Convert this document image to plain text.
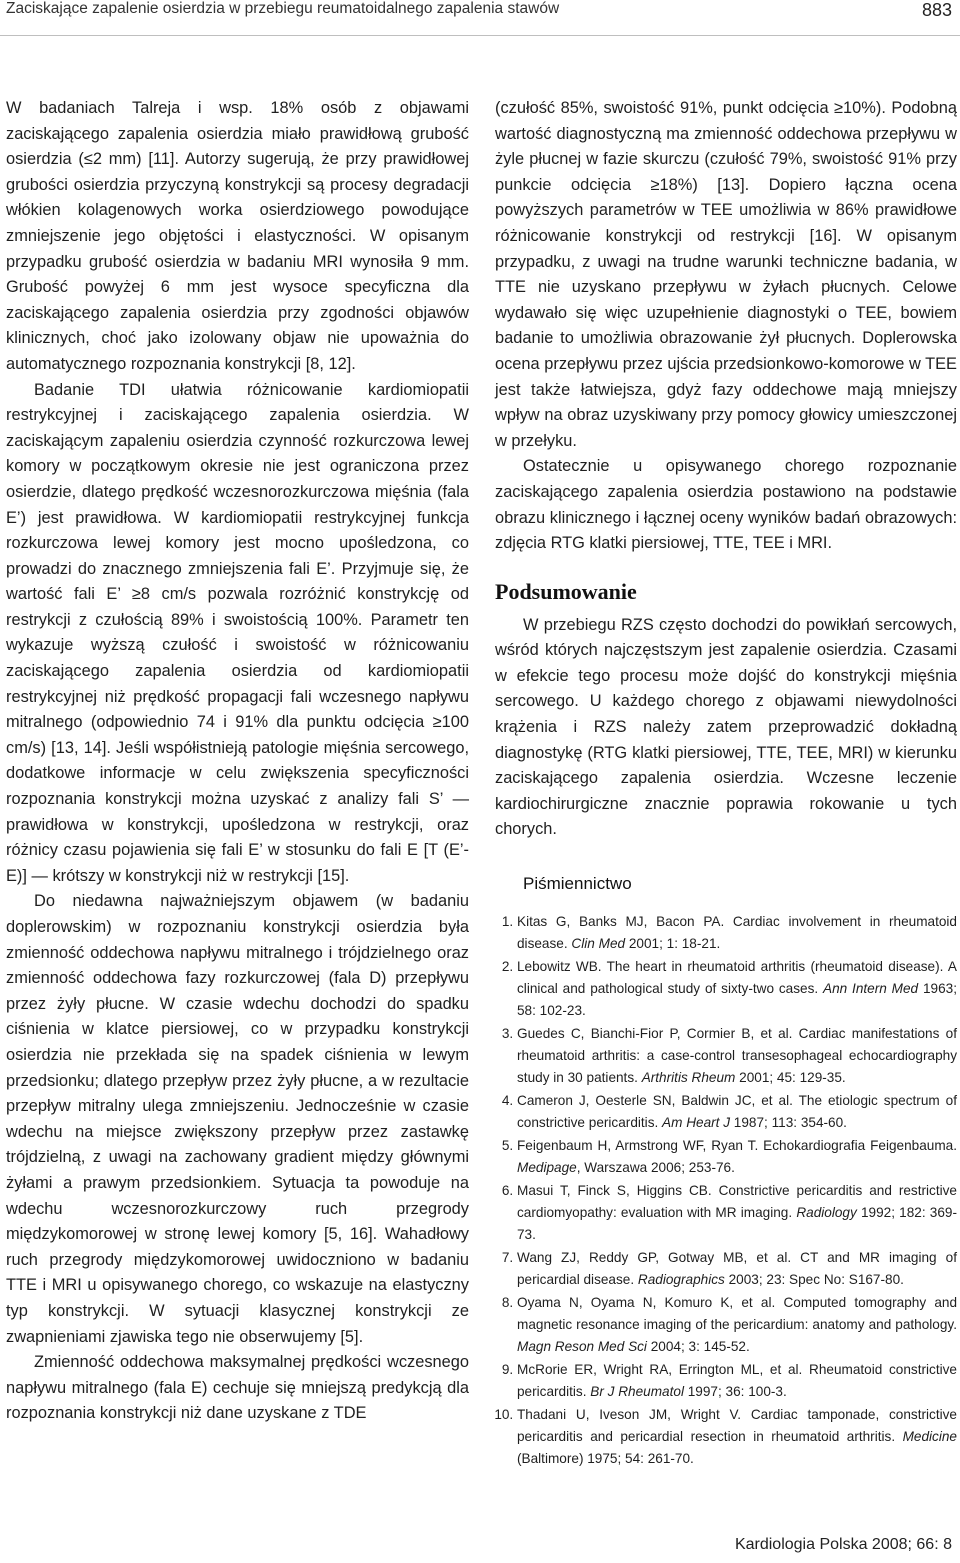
Zaciskające zapalenie osierdzia w przebiegu reumatoidalnego zapalenia stawów	883

W badaniach Talreja i wsp. 18% osób z objawami zaciskającego zapalenia osierdzia miało prawidłową grubość osierdzia (≤2 mm) [11]. Autorzy sugerują, że przy prawidłowej grubości osierdzia przyczyną konstrykcji są procesy degradacji włókien kolagenowych worka osierdziowego powodujące zmniejszenie jego objętości i elastyczności. W opisanym przypadku grubość osierdzia w badaniu MRI wynosiła 9 mm. Grubość powyżej 6 mm jest wysoce specyficzna dla zaciskającego zapalenia osierdzia przy zgodności objawów klinicznych, choć jako izolowany objaw nie upoważnia do automatycznego rozpoznania konstrykcji [8, 12].

Badanie TDI ułatwia różnicowanie kardiomiopatii restrykcyjnej i zaciskającego zapalenia osierdzia. W zaciskającym zapaleniu osierdzia czynność rozkurczowa lewej komory w początkowym okresie nie jest ograniczona przez osierdzie, dlatego prędkość wczesnorozkurczowa mięśnia (fala E’) jest prawidłowa. W kardiomiopatii restrykcyjnej funkcja rozkurczowa lewej komory jest mocno upośledzona, co prowadzi do znacznego zmniejszenia fali E’. Przyjmuje się, że wartość fali E’ ≥8 cm/s pozwala rozróżnić konstrykcję od restrykcji z czułością 89% i swoistością 100%. Parametr ten wykazuje wyższą czułość i swoistość w różnicowaniu zaciskającego zapalenia osierdzia od kardiomiopatii restrykcyjnej niż prędkość propagacji fali wczesnego napływu mitralnego (odpowiednio 74 i 91% dla punktu odcięcia ≥100 cm/s) [13, 14]. Jeśli współistnieją patologie mięśnia sercowego, dodatkowe informacje w celu zwiększenia specyficzności rozpoznania konstrykcji można uzyskać z analizy fali S’ — prawidłowa w konstrykcji, upośledzona w restrykcji, oraz różnicy czasu pojawienia się fali E’ w stosunku do fali E [T (E’-E)] — krótszy w konstrykcji niż w restrykcji [15].

Do niedawna najważniejszym objawem (w badaniu doplerowskim) w rozpoznaniu konstrykcji osierdzia była zmienność oddechowa napływu mitralnego i trójdzielnego oraz zmienność oddechowa fazy rozkurczowej (fala D) przepływu przez żyły płucne. W czasie wdechu dochodzi do spadku ciśnienia w klatce piersiowej, co w przypadku konstrykcji osierdzia nie przekłada się na spadek ciśnienia w lewym przedsionku; dlatego przepływ przez żyły płucne, a w rezultacie przepływ mitralny ulega zmniejszeniu. Jednocześnie w czasie wdechu na miejsce zwiększony przepływ przez zastawkę trójdzielną, z uwagi na zachowany gradient między głównymi żyłami a prawym przedsionkiem. Sytuacja ta powoduje na wdechu wczesnorozkurczowy ruch przegrody międzykomorowej w stronę lewej komory [5, 16]. Wahadłowy ruch przegrody międzykomorowej uwidoczniono w badaniu TTE i MRI u opisywanego chorego, co wskazuje na elastyczny typ konstrykcji. W sytuacji klasycznej konstrykcji ze zwapnieniami zjawiska tego nie obserwujemy [5].

Zmienność oddechowa maksymalnej prędkości wczesnego napływu mitralnego (fala E) cechuje się mniejszą predykcją dla rozpoznania konstrykcji niż dane uzyskane z TDE

(czułość 85%, swoistość 91%, punkt odcięcia ≥10%). Podobną wartość diagnostyczną ma zmienność oddechowa przepływu w żyle płucnej w fazie skurczu (czułość 79%, swoistość 91% przy punkcie odcięcia ≥18%) [13]. Dopiero łączna ocena powyższych parametrów w TEE umożliwia w 86% prawidłowe różnicowanie konstrykcji od restrykcji [16]. W opisanym przypadku, z uwagi na trudne warunki techniczne badania, w TTE nie uzyskano przepływu w żyłach płucnych. Celowe wydawało się więc uzupełnienie diagnostyki o TEE, bowiem badanie to umożliwia obrazowanie żył płucnych. Doplerowska ocena przepływu przez ujścia przedsionkowo-komorowe w TEE jest także łatwiejsza, gdyż fazy oddechowe mają mniejszy wpływ na obraz uzyskiwany przy pomocy głowicy umieszczonej w przełyku.

Ostatecznie u opisywanego chorego rozpoznanie zaciskającego zapalenia osierdzia postawiono na podstawie obrazu klinicznego i łącznej oceny wyników badań obrazowych: zdjęcia RTG klatki piersiowej, TTE, TEE i MRI.

Podsumowanie

W przebiegu RZS często dochodzi do powikłań sercowych, wśród których najczęstszym jest zapalenie osierdzia. Czasami w efekcie tego procesu może dojść do konstrykcji mięśnia sercowego. U każdego chorego z objawami niewydolności krążenia i RZS należy zatem przeprowadzić dokładną diagnostykę (RTG klatki piersiowej, TTE, TEE, MRI) w kierunku zaciskającego zapalenia osierdzia. Wczesne leczenie kardiochirurgiczne znacznie poprawia rokowanie u tych chorych.

Piśmiennictwo
1. Kitas G, Banks MJ, Bacon PA. Cardiac involvement in rheumatoid disease. Clin Med 2001; 1: 18-21.
2. Lebowitz WB. The heart in rheumatoid arthritis (rheumatoid disease). A clinical and pathological study of sixty-two cases. Ann Intern Med 1963; 58: 102-23.
3. Guedes C, Bianchi-Fior P, Cormier B, et al. Cardiac manifestations of rheumatoid arthritis: a case-control transesophageal echocardiography study in 30 patients. Arthritis Rheum 2001; 45: 129-35.
4. Cameron J, Oesterle SN, Baldwin JC, et al. The etiologic spectrum of constrictive pericarditis. Am Heart J 1987; 113: 354-60.
5. Feigenbaum H, Armstrong WF, Ryan T. Echokardiografia Feigenbauma. Medipage, Warszawa 2006; 253-76.
6. Masui T, Finck S, Higgins CB. Constrictive pericarditis and restrictive cardiomyopathy: evaluation with MR imaging. Radiology 1992; 182: 369-73.
7. Wang ZJ, Reddy GP, Gotway MB, et al. CT and MR imaging of pericardial disease. Radiographics 2003; 23: Spec No: S167-80.
8. Oyama N, Oyama N, Komuro K, et al. Computed tomography and magnetic resonance imaging of the pericardium: anatomy and pathology. Magn Reson Med Sci 2004; 3: 145-52.
9. McRorie ER, Wright RA, Errington ML, et al. Rheumatoid constrictive pericarditis. Br J Rheumatol 1997; 36: 100-3.
10. Thadani U, Iveson JM, Wright V. Cardiac tamponade, constrictive pericarditis and pericardial resection in rheumatoid arthritis. Medicine (Baltimore) 1975; 54: 261-70.
Kardiologia Polska 2008; 66: 8
